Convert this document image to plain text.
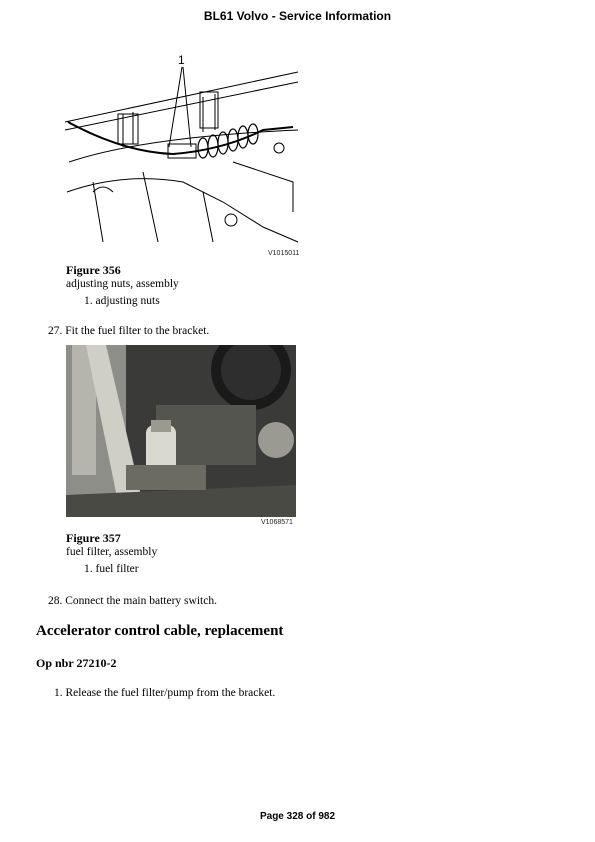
BL61 Volvo - Service Information
1
V1015011
Figure 356
adjusting nuts, assembly
1. adjusting nuts
27. Fit the fuel filter to the bracket.
V1068571
Figure 357
fuel filter, assembly
1. fuel filter
28. Connect the main battery switch.
Accelerator control cable, replacement
Op nbr 27210-2
1. Release the fuel filter/pump from the bracket.
Page 328 of 982
